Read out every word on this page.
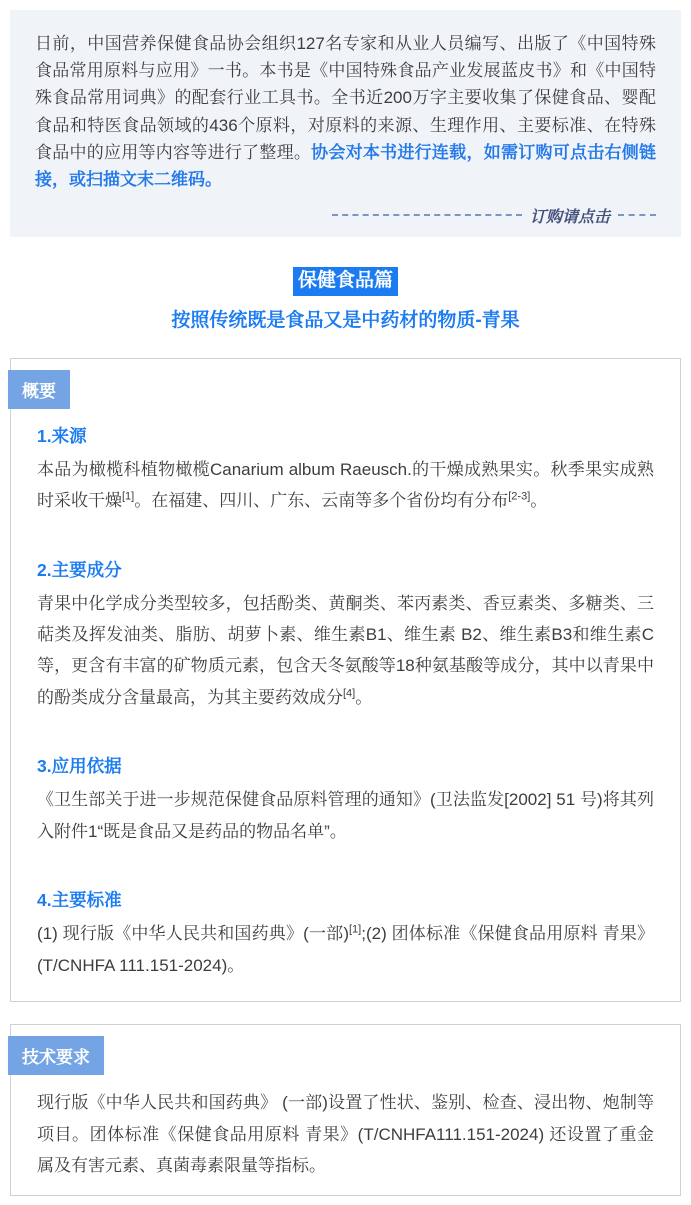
日前，中国营养保健食品协会组织127名专家和从业人员编写、出版了《中国特殊食品常用原料与应用》一书。本书是《中国特殊食品产业发展蓝皮书》和《中国特殊食品常用词典》的配套行业工具书。全书近200万字主要收集了保健食品、婴配食品和特医食品领域的436个原料，对原料的来源、生理作用、主要标准、在特殊食品中的应用等内容等进行了整理。协会对本书进行连载，如需订购可点击右侧链接，或扫描文末二维码。

订购请点击
保健食品篇
按照传统既是食品又是中药材的物质-青果
概要
1.来源

本品为橄榄科植物橄榄Canarium album Raeusch.的干燥成熟果实。秋季果实成熟时采收干燥[1]。在福建、四川、广东、云南等多个省份均有分布[2-3]。

2.主要成分

青果中化学成分类型较多，包括酚类、黄酮类、苯丙素类、香豆素类、多糖类、三萜类及挥发油类、脂肪、胡萝卜素、维生素B1、维生素 B2、维生素B3和维生素C等，更含有丰富的矿物质元素，包含天冬氨酸等18种氨基酸等成分，其中以青果中的酚类成分含量最高，为其主要药效成分[4]。

3.应用依据

《卫生部关于进一步规范保健食品原料管理的通知》(卫法监发[2002] 51 号)将其列入附件1“既是食品又是药品的物品名单”。

4.主要标准

(1) 现行版《中华人民共和国药典》(一部)[1];(2) 团体标准《保健食品用原料 青果》(T/CNHFA 111.151-2024)。

技术要求

现行版《中华人民共和国药典》 (一部)设置了性状、鉴别、检查、浸出物、炮制等项目。团体标准《保健食品用原料 青果》(T/CNHFA111.151-2024) 还设置了重金属及有害元素、真菌毒素限量等指标。
